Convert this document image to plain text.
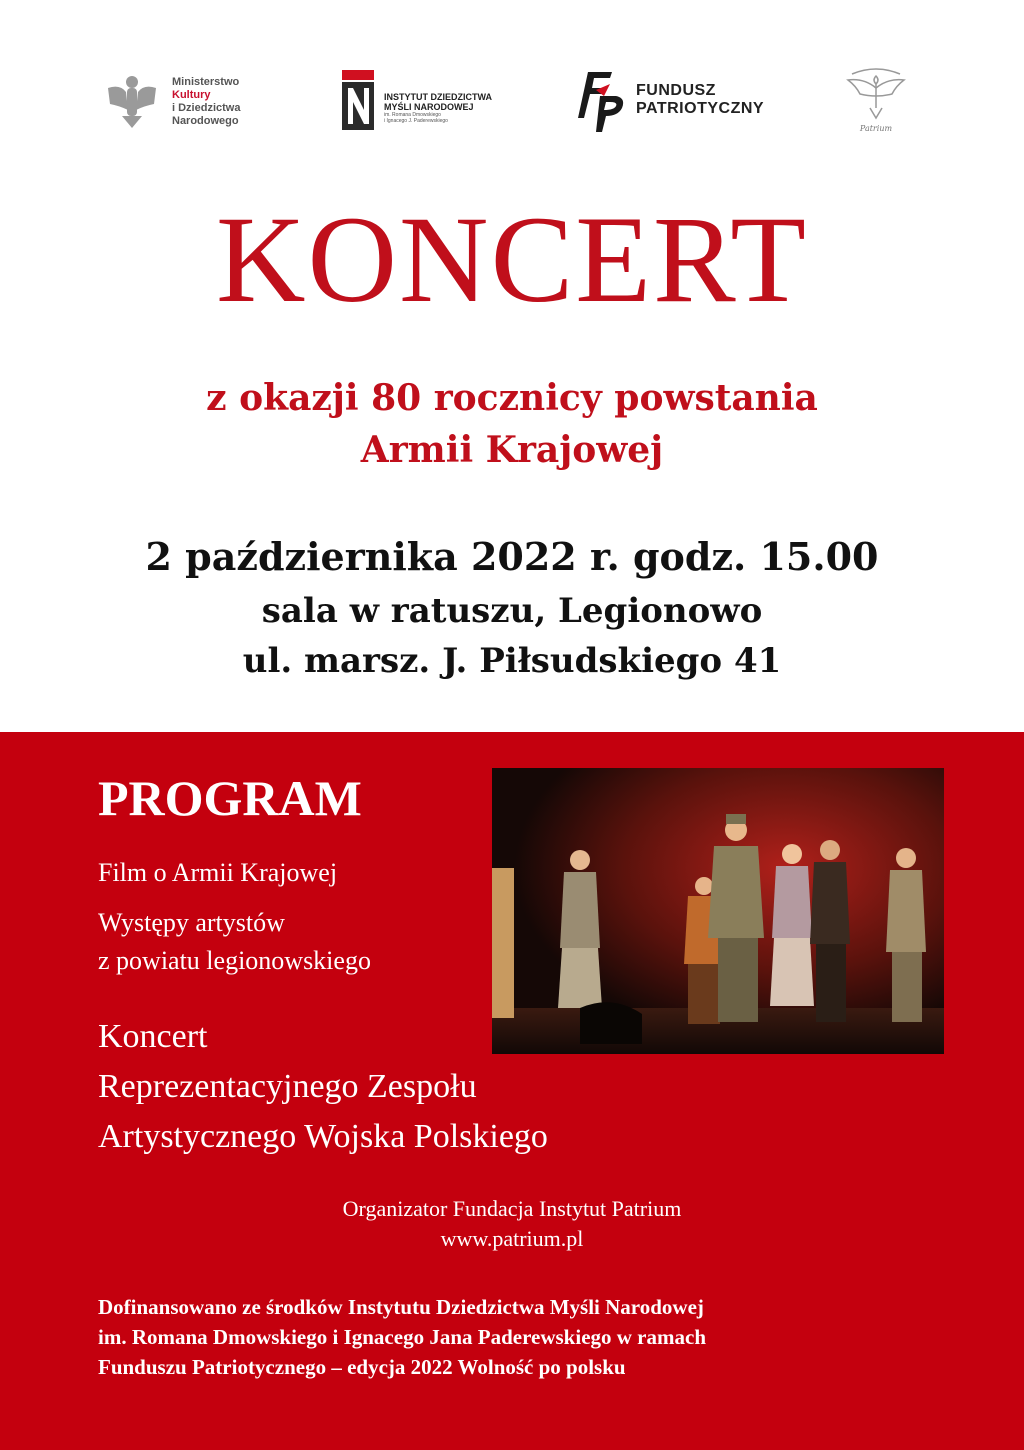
Ministerstwo
Kultury
i Dziedzictwa
Narodowego
INSTYTUT DZIEDZICTWA
MYŚLI NARODOWEJ
im. Romana Dmowskiego
i Ignacego J. Paderewskiego
FUNDUSZ
PATRIOTYCZNY
Patrium
KONCERT
z okazji 80 rocznicy powstania
Armii Krajowej
2 października 2022 r. godz. 15.00
sala w ratuszu, Legionowo
ul. marsz. J. Piłsudskiego 41
PROGRAM
Film o Armii Krajowej
Występy artystów
z powiatu legionowskiego
Koncert
Reprezentacyjnego Zespołu
Artystycznego Wojska Polskiego
Organizator Fundacja Instytut Patrium
www.patrium.pl
Dofinansowano ze środków Instytutu Dziedzictwa Myśli Narodowej
im. Romana Dmowskiego i Ignacego Jana Paderewskiego w ramach
Funduszu Patriotycznego – edycja 2022 Wolność po polsku
